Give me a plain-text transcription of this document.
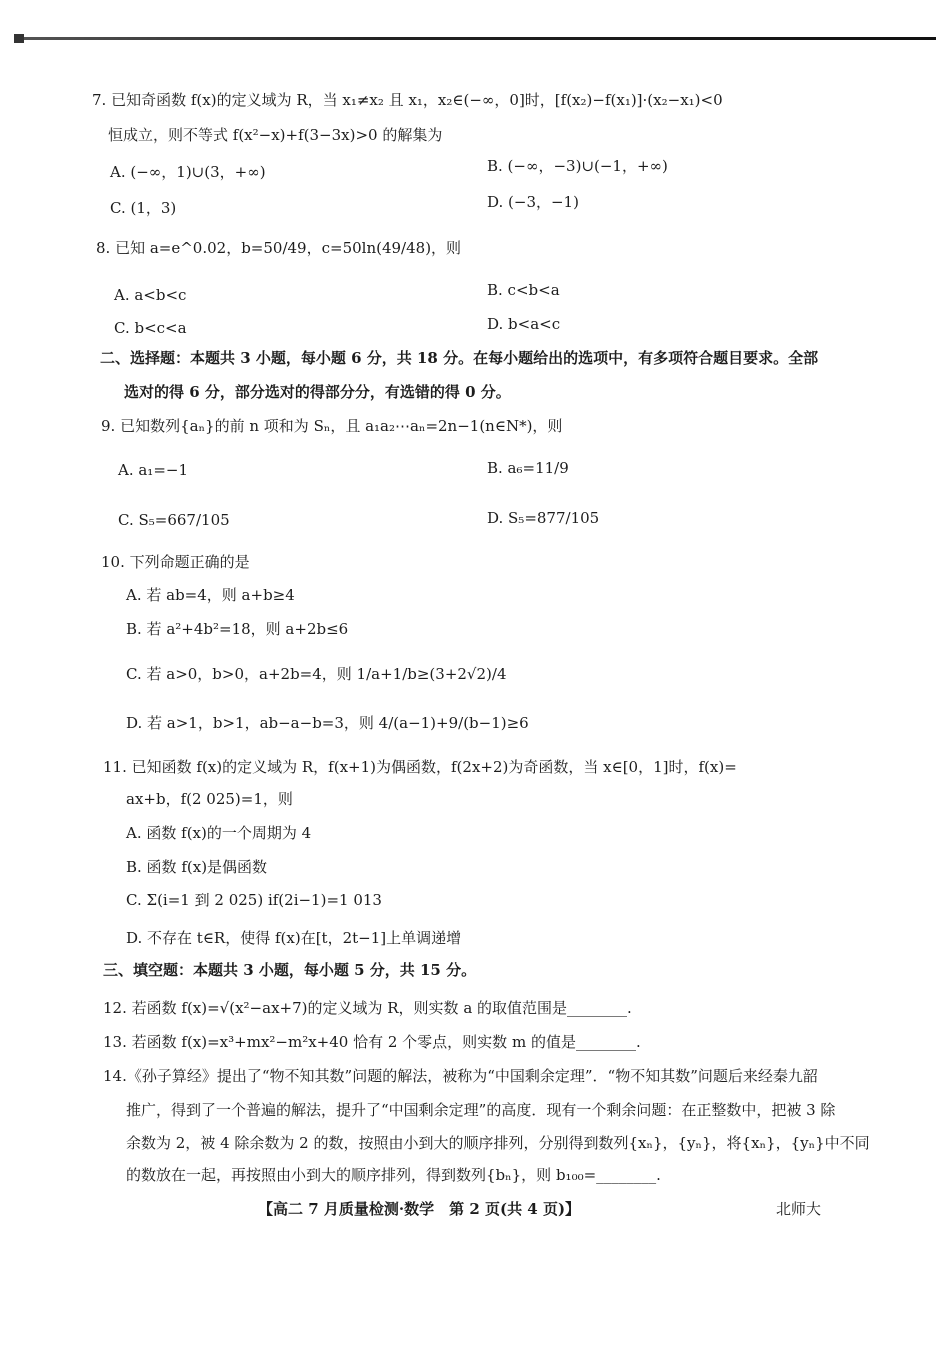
7. 已知奇函数 f(x)的定义域为 R，当 x₁≠x₂ 且 x₁，x₂∈(−∞，0]时，[f(x₂)−f(x₁)]·(x₂−x₁)<0
恒成立，则不等式 f(x²−x)+f(3−3x)>0 的解集为
A. (−∞，1)∪(3，+∞)	B. (−∞，−3)∪(−1，+∞)
C. (1，3)	D. (−3，−1)
8. 已知 a=e^0.02，b=50/49，c=50ln(49/48)，则
A. a<b<c	B. c<b<a
C. b<c<a	D. b<a<c
二、选择题：本题共 3 小题，每小题 6 分，共 18 分。在每小题给出的选项中，有多项符合题目要求。全部
选对的得 6 分，部分选对的得部分分，有选错的得 0 分。
9. 已知数列{aₙ}的前 n 项和为 Sₙ，且 a₁a₂⋯aₙ=2n−1(n∈N*)，则
A. a₁=−1	B. a₆=11/9
C. S₅=667/105	D. S₅=877/105
10. 下列命题正确的是
A. 若 ab=4，则 a+b≥4
B. 若 a²+4b²=18，则 a+2b≤6
C. 若 a>0，b>0，a+2b=4，则 1/a+1/b≥(3+2√2)/4
D. 若 a>1，b>1，ab−a−b=3，则 4/(a−1)+9/(b−1)≥6
11. 已知函数 f(x)的定义域为 R，f(x+1)为偶函数，f(2x+2)为奇函数，当 x∈[0，1]时，f(x)=
ax+b，f(2 025)=1，则
A. 函数 f(x)的一个周期为 4
B. 函数 f(x)是偶函数
C. Σ(i=1 到 2 025) if(2i−1)=1 013
D. 不存在 t∈R，使得 f(x)在[t，2t−1]上单调递增
三、填空题：本题共 3 小题，每小题 5 分，共 15 分。
12. 若函数 f(x)=√(x²−ax+7)的定义域为 R，则实数 a 的取值范围是________.
13. 若函数 f(x)=x³+mx²−m²x+40 恰有 2 个零点，则实数 m 的值是________.
14.《孙子算经》提出了“物不知其数”问题的解法，被称为“中国剩余定理”．“物不知其数”问题后来经秦九韶
推广，得到了一个普遍的解法，提升了“中国剩余定理”的高度．现有一个剩余问题：在正整数中，把被 3 除
余数为 2，被 4 除余数为 2 的数，按照由小到大的顺序排列，分别得到数列{xₙ}，{yₙ}，将{xₙ}，{yₙ}中不同
的数放在一起，再按照由小到大的顺序排列，得到数列{bₙ}，则 b₁₀₀=________.
【高二 7 月质量检测·数学　第 2 页(共 4 页)】	北师大
